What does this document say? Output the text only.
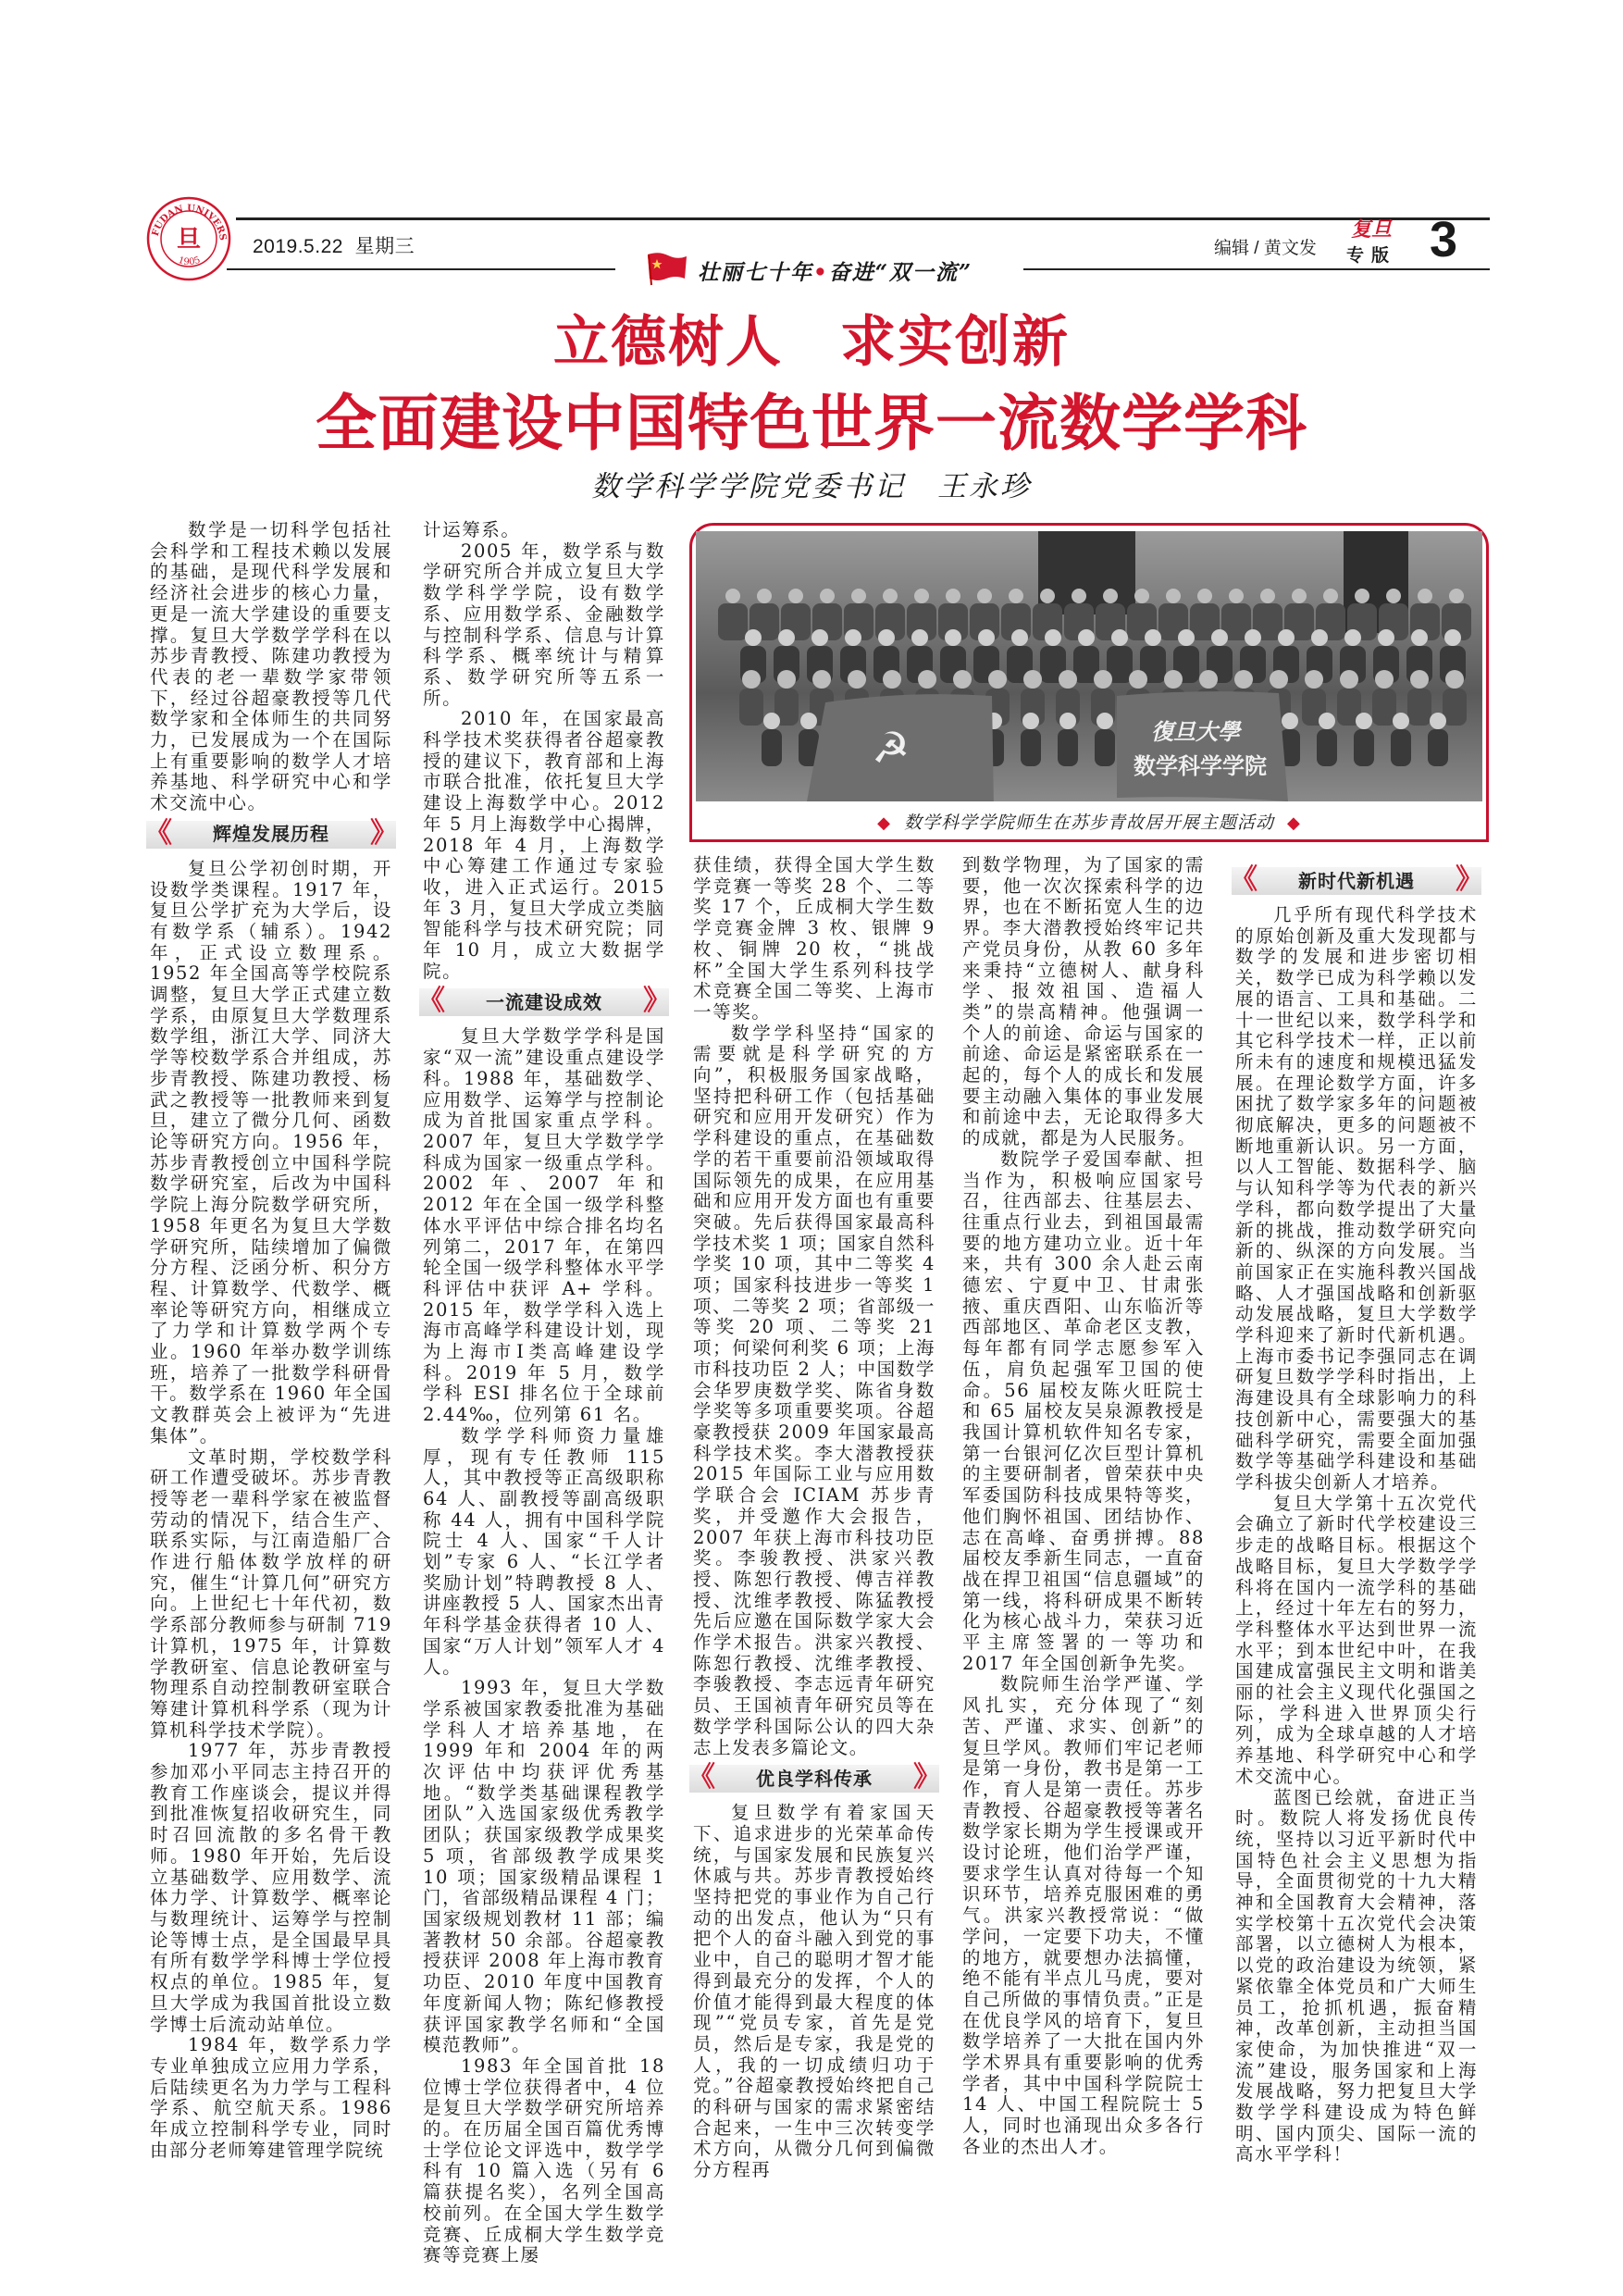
FUDAN UNIVERS
1905
旦	2019.5.22 星期三
壮丽七十年•奋进“双一流”
编辑 / 黄文发
复旦
专版 3
立德树人　求实创新
全面建设中国特色世界一流数学学科
数学科学学院党委书记　王永珍
☭	復旦大學
数学科学学院
◆ 数学科学学院师生在苏步青故居开展主题活动 ◆

数学是一切科学包括社会科学和工程技术赖以发展的基础，是现代科学发展和经济社会进步的核心力量，更是一流大学建设的重要支撑。复旦大学数学学科在以苏步青教授、陈建功教授为代表的老一辈数学家带领下，经过谷超豪教授等几代数学家和全体师生的共同努力，已发展成为一个在国际上有重要影响的数学人才培养基地、科学研究中心和学术交流中心。

《	辉煌发展历程 》

复旦公学初创时期，开设数学类课程。1917 年，复旦公学扩充为大学后，设有数学系（辅系）。1942 年，正式设立数理系。1952 年全国高等学校院系调整，复旦大学正式建立数学系，由原复旦大学数理系数学组，浙江大学、同济大学等校数学系合并组成，苏步青教授、陈建功教授、杨武之教授等一批教师来到复旦，建立了微分几何、函数论等研究方向。1956 年，苏步青教授创立中国科学院数学研究室，后改为中国科学院上海分院数学研究所，1958 年更名为复旦大学数学研究所，陆续增加了偏微分方程、泛函分析、积分方程、计算数学、代数学、概率论等研究方向，相继成立了力学和计算数学两个专业。1960 年举办数学训练班，培养了一批数学科研骨干。数学系在 1960 年全国文教群英会上被评为“先进集体”。

文革时期，学校数学科研工作遭受破坏。苏步青教授等老一辈科学家在被监督劳动的情况下，结合生产、联系实际，与江南造船厂合作进行船体数学放样的研究，催生“计算几何”研究方向。上世纪七十年代初，数学系部分教师参与研制 719 计算机，1975 年，计算数学教研室、信息论教研室与物理系自动控制教研室联合筹建计算机科学系（现为计算机科学技术学院）。

1977 年，苏步青教授参加邓小平同志主持召开的教育工作座谈会，提议并得到批准恢复招收研究生，同时召回流散的多名骨干教师。1980 年开始，先后设立基础数学、应用数学、流体力学、计算数学、概率论与数理统计、运筹学与控制论等博士点，是全国最早具有所有数学学科博士学位授权点的单位。1985 年，复旦大学成为我国首批设立数学博士后流动站单位。

1984 年，数学系力学专业单独成立应用力学系，后陆续更名为力学与工程科学系、航空航天系。1986 年成立控制科学专业，同时由部分老师筹建管理学院统

计运筹系。

2005 年，数学系与数学研究所合并成立复旦大学数学科学学院，设有数学系、应用数学系、金融数学与控制科学系、信息与计算科学系、概率统计与精算系、数学研究所等五系一所。

2010 年，在国家最高科学技术奖获得者谷超豪教授的建议下，教育部和上海市联合批准，依托复旦大学建设上海数学中心。2012 年 5 月上海数学中心揭牌，2018 年 4 月，上海数学中心筹建工作通过专家验收，进入正式运行。2015 年 3 月，复旦大学成立类脑智能科学与技术研究院；同年 10 月，成立大数据学院。

《	一流建设成效 》

复旦大学数学学科是国家“双一流”建设重点建设学科。1988 年，基础数学、应用数学、运筹学与控制论成为首批国家重点学科。2007 年，复旦大学数学学科成为国家一级重点学科。2002 年、2007 年和 2012 年在全国一级学科整体水平评估中综合排名均名列第二，2017 年，在第四轮全国一级学科整体水平学科评估中获评 A+ 学科。2015 年，数学学科入选上海市高峰学科建设计划，现为上海市Ⅰ类高峰建设学科。2019 年 5 月，数学学科 ESI 排名位于全球前 2.44‰，位列第 61 名。

数学学科师资力量雄厚，现有专任教师 115 人，其中教授等正高级职称 64 人、副教授等副高级职称 44 人，拥有中国科学院院士 4 人、国家“千人计划”专家 6 人、“长江学者奖励计划”特聘教授 8 人、讲座教授 5 人、国家杰出青年科学基金获得者 10 人、国家“万人计划”领军人才 4 人。

1993 年，复旦大学数学系被国家教委批准为基础学科人才培养基地，在 1999 年和 2004 年的两次评估中均获评优秀基地。“数学类基础课程教学团队”入选国家级优秀教学团队；获国家级教学成果奖 5 项，省部级教学成果奖 10 项；国家级精品课程 1 门，省部级精品课程 4 门；国家级规划教材 11 部；编著教材 50 余部。谷超豪教授获评 2008 年上海市教育功臣、2010 年度中国教育年度新闻人物；陈纪修教授获评国家教学名师和“全国模范教师”。

1983 年全国首批 18 位博士学位获得者中，4 位是复旦大学数学研究所培养的。在历届全国百篇优秀博士学位论文评选中，数学学科有 10 篇入选（另有 6 篇获提名奖），名列全国高校前列。在全国大学生数学竞赛、丘成桐大学生数学竞赛等竞赛上屡

获佳绩，获得全国大学生数学竞赛一等奖 28 个、二等奖 17 个，丘成桐大学生数学竞赛金牌 3 枚、银牌 9 枚、铜牌 20 枚，“挑战杯”全国大学生系列科技学术竞赛全国二等奖、上海市一等奖。

数学学科坚持“国家的需要就是科学研究的方向”，积极服务国家战略，坚持把科研工作（包括基础研究和应用开发研究）作为学科建设的重点，在基础数学的若干重要前沿领域取得国际领先的成果，在应用基础和应用开发方面也有重要突破。先后获得国家最高科学技术奖 1 项；国家自然科学奖 10 项，其中二等奖 4 项；国家科技进步一等奖 1 项、二等奖 2 项；省部级一等奖 20 项、二等奖 21 项；何梁何利奖 6 项；上海市科技功臣 2 人；中国数学会华罗庚数学奖、陈省身数学奖等多项重要奖项。谷超豪教授获 2009 年国家最高科学技术奖。李大潜教授获 2015 年国际工业与应用数学联合会 ICIAM 苏步青奖，并受邀作大会报告，2007 年获上海市科技功臣奖。李骏教授、洪家兴教授、陈恕行教授、傅吉祥教授、沈维孝教授、陈猛教授先后应邀在国际数学家大会作学术报告。洪家兴教授、陈恕行教授、沈维孝教授、李骏教授、李志远青年研究员、王国祯青年研究员等在数学学科国际公认的四大杂志上发表多篇论文。

《	优良学科传承 》

复旦数学有着家国天下、追求进步的光荣革命传统，与国家发展和民族复兴休戚与共。苏步青教授始终坚持把党的事业作为自己行动的出发点，他认为“只有把个人的奋斗融入到党的事业中，自己的聪明才智才能得到最充分的发挥，个人的价值才能得到最大程度的体现”“党员专家，首先是党员，然后是专家，我是党的人，我的一切成绩归功于党。”谷超豪教授始终把自己的科研与国家的需求紧密结合起来，一生中三次转变学术方向，从微分几何到偏微分方程再

到数学物理，为了国家的需要，他一次次探索科学的边界，也在不断拓宽人生的边界。李大潜教授始终牢记共产党员身份，从教 60 多年来秉持“立德树人、献身科学、报效祖国、造福人类”的崇高精神。他强调一个人的前途、命运与国家的前途、命运是紧密联系在一起的，每个人的成长和发展要主动融入集体的事业发展和前途中去，无论取得多大的成就，都是为人民服务。

数院学子爱国奉献、担当作为，积极响应国家号召，往西部去、往基层去、往重点行业去，到祖国最需要的地方建功立业。近十年来，共有 300 余人赴云南德宏、宁夏中卫、甘肃张掖、重庆酉阳、山东临沂等西部地区、革命老区支教，每年都有同学志愿参军入伍，肩负起强军卫国的使命。56 届校友陈火旺院士和 65 届校友吴泉源教授是我国计算机软件知名专家，第一台银河亿次巨型计算机的主要研制者，曾荣获中央军委国防科技成果特等奖，他们胸怀祖国、团结协作、志在高峰、奋勇拼搏。88 届校友季新生同志，一直奋战在捍卫祖国“信息疆域”的第一线，将科研成果不断转化为核心战斗力，荣获习近平主席签署的一等功和 2017 年全国创新争先奖。

数院师生治学严谨、学风扎实，充分体现了“刻苦、严谨、求实、创新”的复旦学风。教师们牢记老师是第一身份，教书是第一工作，育人是第一责任。苏步青教授、谷超豪教授等著名数学家长期为学生授课或开设讨论班，他们治学严谨，要求学生认真对待每一个知识环节，培养克服困难的勇气。洪家兴教授常说：“做学问，一定要下功夫，不懂的地方，就要想办法搞懂，绝不能有半点儿马虎，要对自己所做的事情负责。”正是在优良学风的培育下，复旦数学培养了一大批在国内外学术界具有重要影响的优秀学者，其中中国科学院院士 14 人、中国工程院院士 5 人，同时也涌现出众多各行各业的杰出人才。

《	新时代新机遇 》

几乎所有现代科学技术的原始创新及重大发现都与数学的发展和进步密切相关，数学已成为科学赖以发展的语言、工具和基础。二十一世纪以来，数学科学和其它科学技术一样，正以前所未有的速度和规模迅猛发展。在理论数学方面，许多困扰了数学家多年的问题被彻底解决，更多的问题被不断地重新认识。另一方面，以人工智能、数据科学、脑与认知科学等为代表的新兴学科，都向数学提出了大量新的挑战，推动数学研究向新的、纵深的方向发展。当前国家正在实施科教兴国战略、人才强国战略和创新驱动发展战略，复旦大学数学学科迎来了新时代新机遇。上海市委书记李强同志在调研复旦数学学科时指出，上海建设具有全球影响力的科技创新中心，需要强大的基础科学研究，需要全面加强数学等基础学科建设和基础学科拔尖创新人才培养。

复旦大学第十五次党代会确立了新时代学校建设三步走的战略目标。根据这个战略目标，复旦大学数学学科将在国内一流学科的基础上，经过十年左右的努力，学科整体水平达到世界一流水平；到本世纪中叶，在我国建成富强民主文明和谐美丽的社会主义现代化强国之际，学科进入世界顶尖行列，成为全球卓越的人才培养基地、科学研究中心和学术交流中心。

蓝图已绘就，奋进正当时。数院人将发扬优良传统，坚持以习近平新时代中国特色社会主义思想为指导，全面贯彻党的十九大精神和全国教育大会精神，落实学校第十五次党代会决策部署，以立德树人为根本，以党的政治建设为统领，紧紧依靠全体党员和广大师生员工，抢抓机遇，振奋精神，改革创新，主动担当国家使命，为加快推进“双一流”建设，服务国家和上海发展战略，努力把复旦大学数学学科建设成为特色鲜明、国内顶尖、国际一流的高水平学科！
